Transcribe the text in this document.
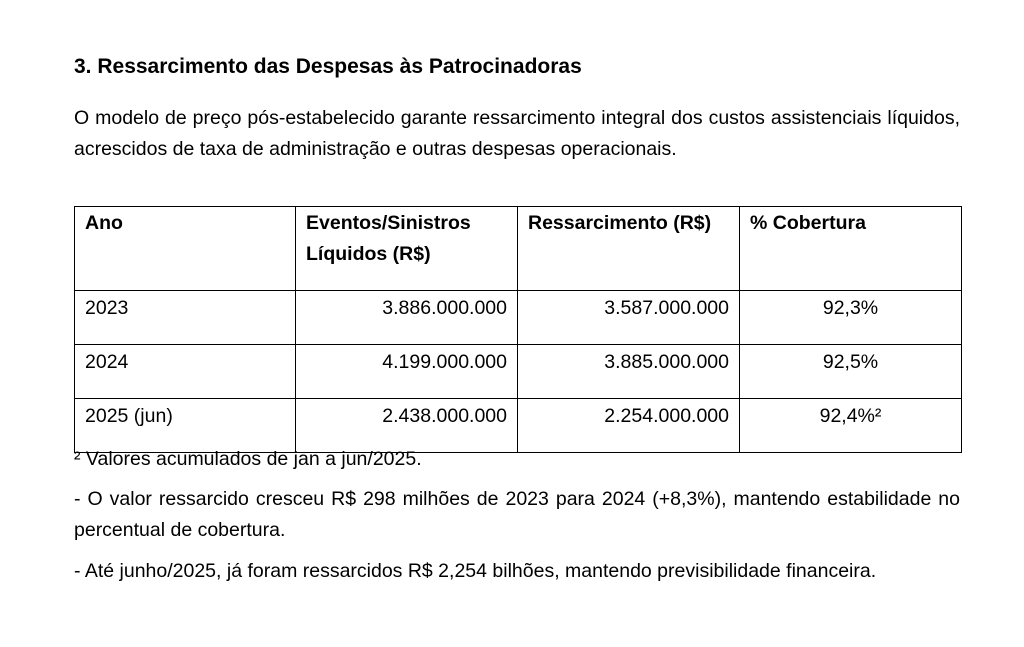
3. Ressarcimento das Despesas às Patrocinadoras

O modelo de preço pós-estabelecido garante ressarcimento integral dos custos assistenciais líquidos, acrescidos de taxa de administração e outras despesas operacionais.

Ano	Eventos/Sinistros Líquidos (R$)	Ressarcimento (R$)	% Cobertura
2023	3.886.000.000	3.587.000.000	92,3%
2024	4.199.000.000	3.885.000.000	92,5%
2025 (jun)	2.438.000.000	2.254.000.000	92,4%²

² Valores acumulados de jan a jun/2025.

- O valor ressarcido cresceu R$ 298 milhões de 2023 para 2024 (+8,3%), mantendo estabilidade no percentual de cobertura.

- Até junho/2025, já foram ressarcidos R$ 2,254 bilhões, mantendo previsibilidade financeira.
